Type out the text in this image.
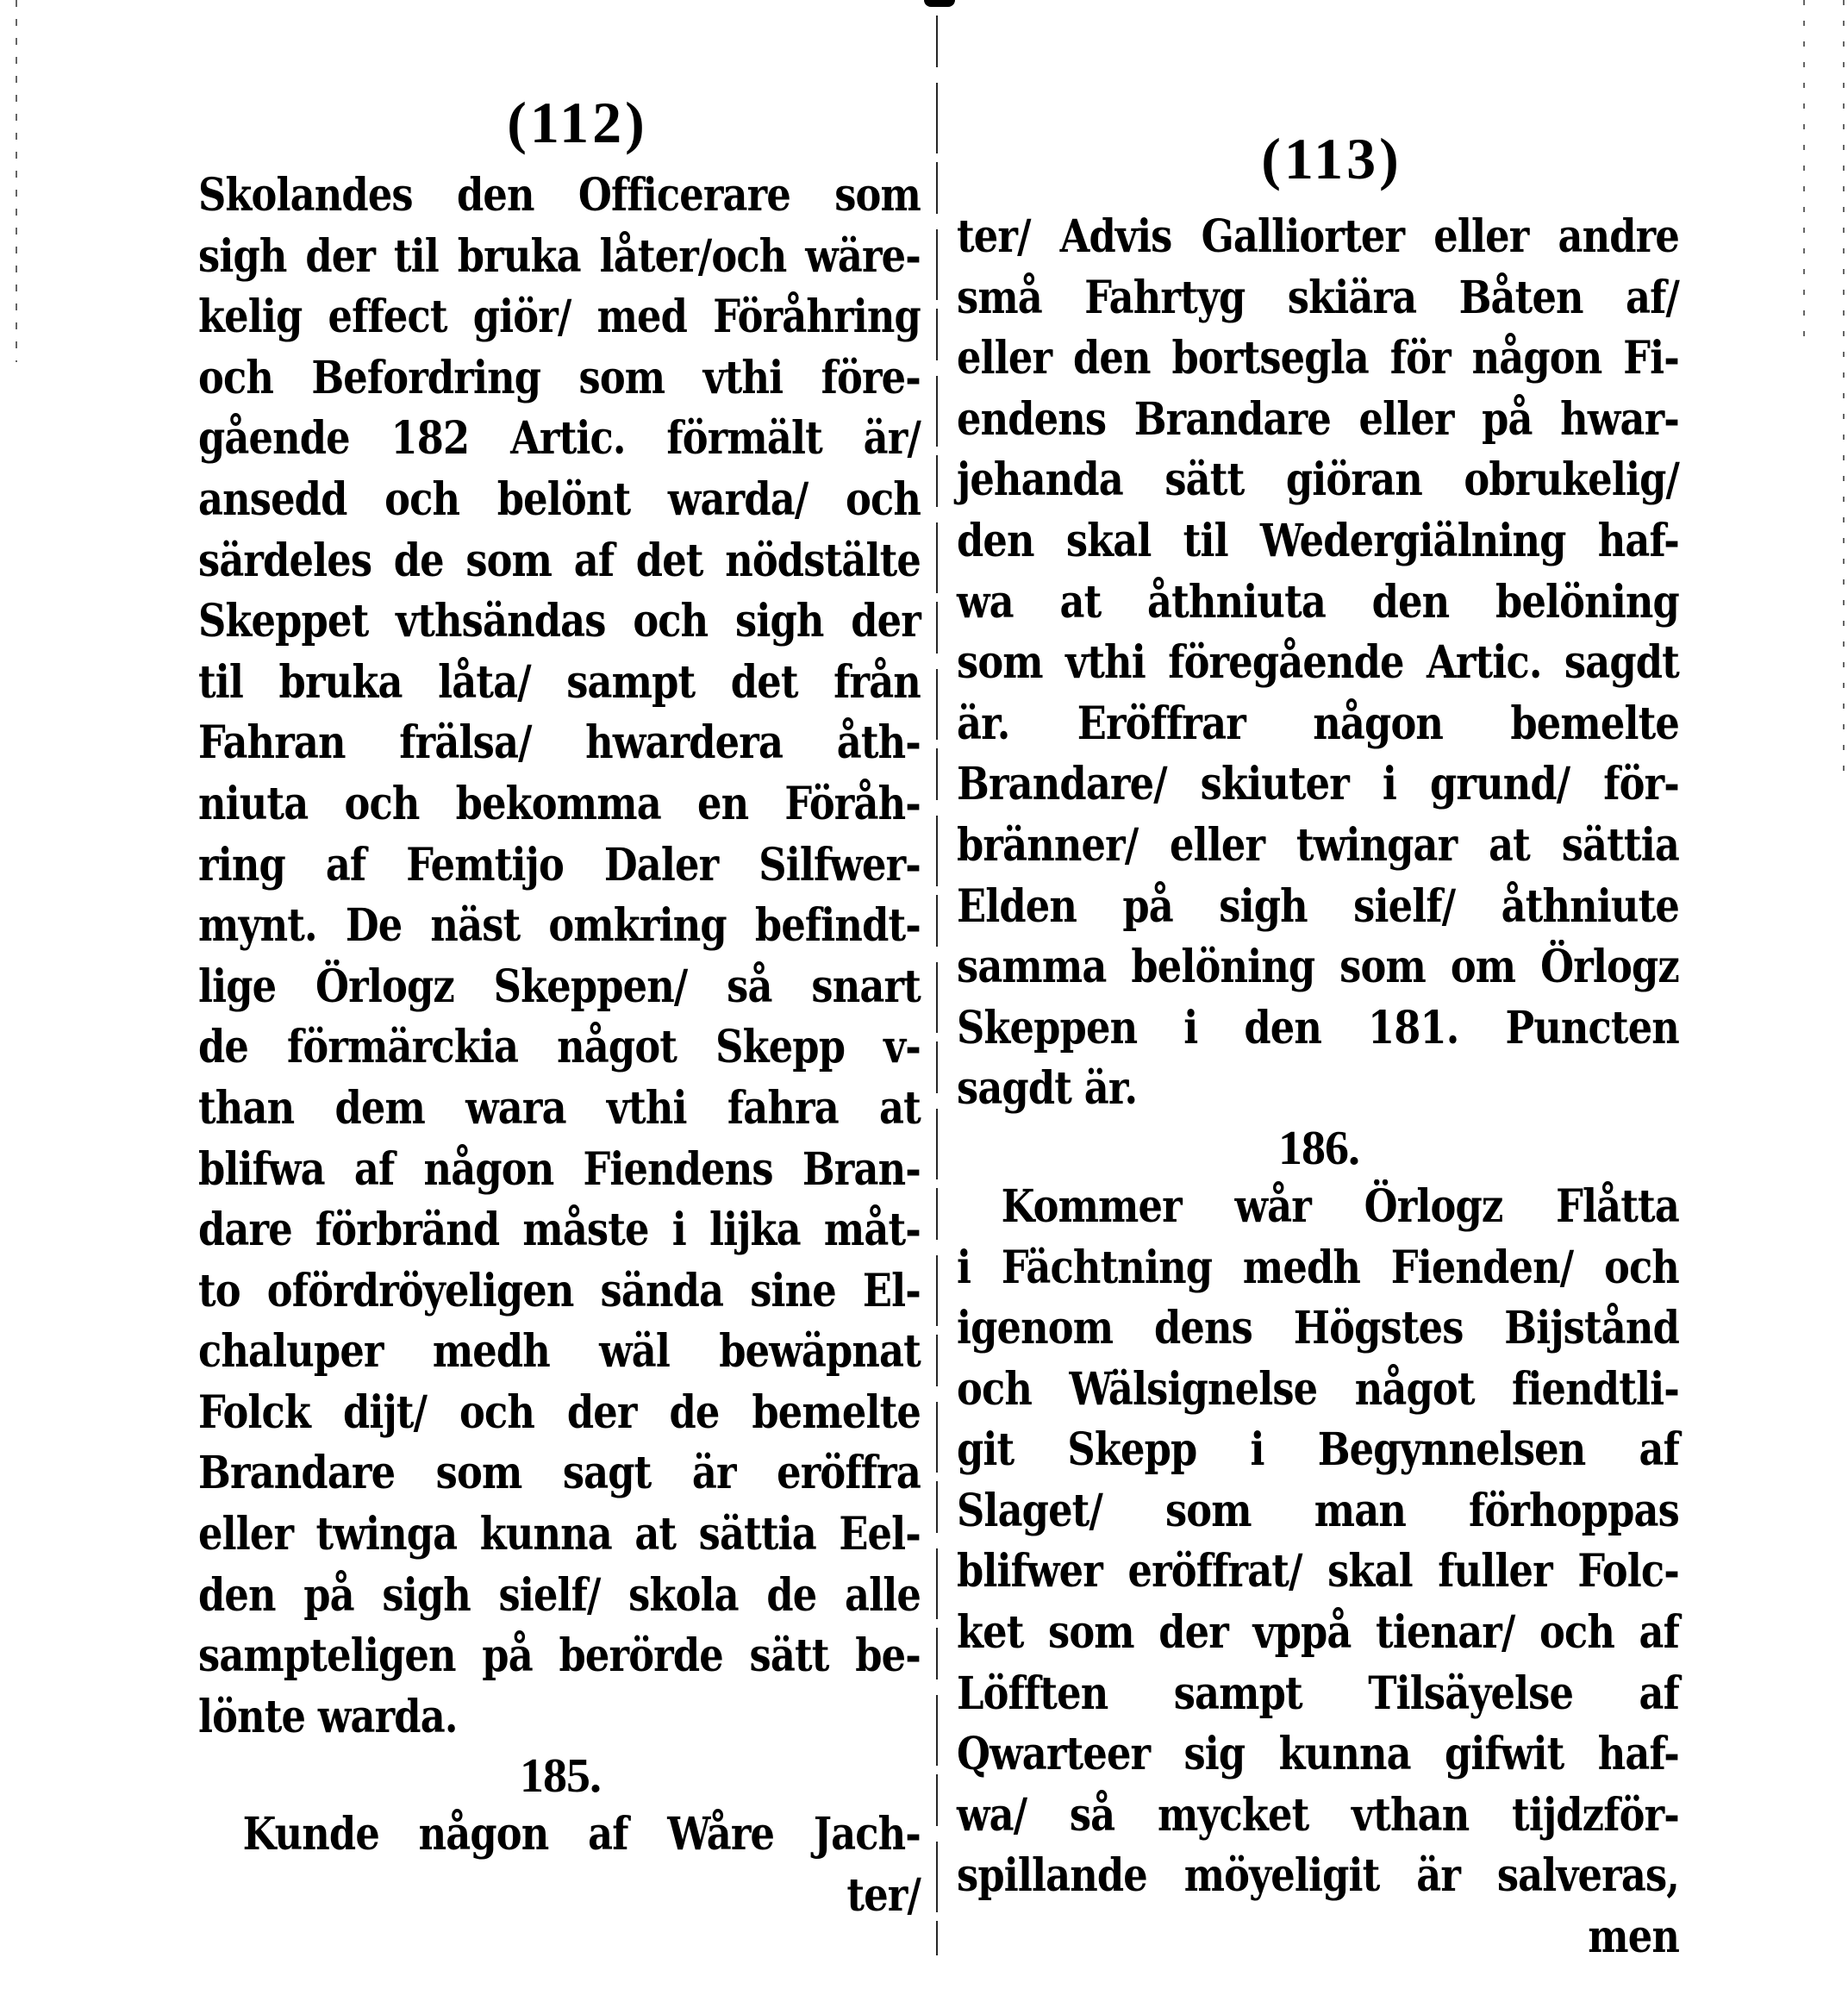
(112)
Skolandes den Officerare som
sigh der til bruka låter/och wäre-
kelig effect giör/ med Föråhring
och Befordring som vthi före-
gående 182 Artic. förmält är/
ansedd och belönt warda/ och
särdeles de som af det nödstälte
Skeppet vthsändas och sigh der
til bruka låta/ sampt det från
Fahran frälsa/ hwardera åth-
niuta och bekomma en Föråh-
ring af Femtijo Daler Silfwer-
mynt. De näst omkring befindt-
lige Örlogz Skeppen/ så snart
de förmärckia något Skepp v-
than dem wara vthi fahra at
blifwa af någon Fiendens Bran-
dare förbränd måste i lijka måt-
to ofördröyeligen sända sine El-
chaluper medh wäl bewäpnat
Folck dijt/ och der de bemelte
Brandare som sagt är eröffra
eller twinga kunna at sättia Eel-
den på sigh sielf/ skola de alle
sampteligen på berörde sätt be-
lönte warda.
185.
Kunde någon af Wåre Jach-
ter/
(113)
ter/ Advis Galliorter eller andre
små Fahrtyg skiära Båten af/
eller den bortsegla för någon Fi-
endens Brandare eller på hwar-
jehanda sätt giöran obrukelig/
den skal til Wedergiälning haf-
wa at åthniuta den belöning
som vthi föregående Artic. sagdt
är. Eröffrar någon bemelte
Brandare/ skiuter i grund/ för-
bränner/ eller twingar at sättia
Elden på sigh sielf/ åthniute
samma belöning som om Örlogz
Skeppen i den 181. Puncten
sagdt är.
186.
Kommer wår Örlogz Flåtta
i Fächtning medh Fienden/ och
igenom dens Högstes Bijstånd
och Wälsignelse något fiendtli-
git Skepp i Begynnelsen af
Slaget/ som man förhoppas
blifwer eröffrat/ skal fuller Folc-
ket som der vppå tienar/ och af
Löfften sampt Tilsäyelse af
Qwarteer sig kunna gifwit haf-
wa/ så mycket vthan tijdzför-
spillande möyeligit är salveras,
men
